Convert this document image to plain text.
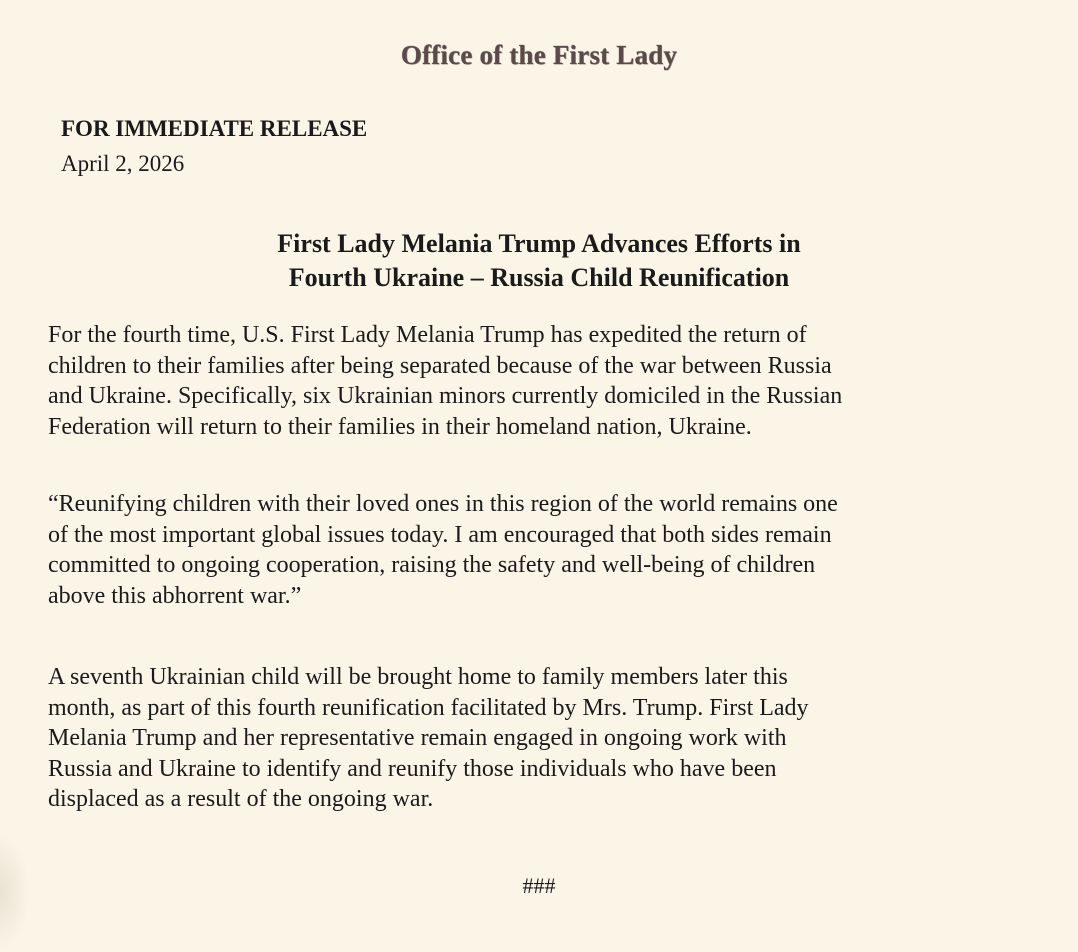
Office of the First Lady
FOR IMMEDIATE RELEASE
April 2, 2026
First Lady Melania Trump Advances Efforts in
Fourth Ukraine – Russia Child Reunification
For the fourth time, U.S. First Lady Melania Trump has expedited the return of
children to their families after being separated because of the war between Russia
and Ukraine. Specifically, six Ukrainian minors currently domiciled in the Russian
Federation will return to their families in their homeland nation, Ukraine.
“Reunifying children with their loved ones in this region of the world remains one
of the most important global issues today. I am encouraged that both sides remain
committed to ongoing cooperation, raising the safety and well-being of children
above this abhorrent war.”
A seventh Ukrainian child will be brought home to family members later this
month, as part of this fourth reunification facilitated by Mrs. Trump. First Lady
Melania Trump and her representative remain engaged in ongoing work with
Russia and Ukraine to identify and reunify those individuals who have been
displaced as a result of the ongoing war.
###
